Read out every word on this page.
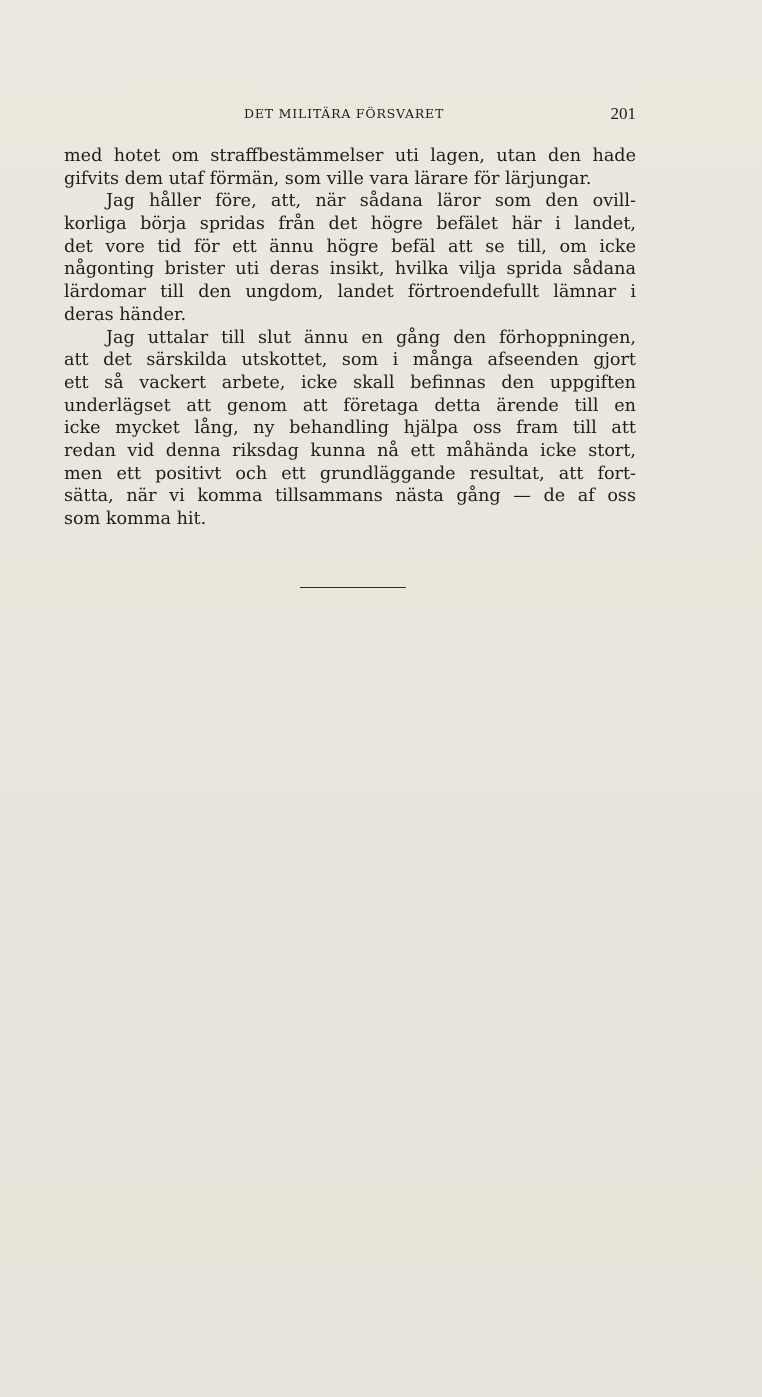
DET MILITÄRA FÖRSVARET	201
med hotet om straffbestämmelser uti lagen, utan den hade
gifvits dem utaf förmän, som ville vara lärare för lärjungar.
Jag håller före, att, när sådana läror som den ovill-
korliga börja spridas från det högre befälet här i landet,
det vore tid för ett ännu högre befäl att se till, om icke
någonting brister uti deras insikt, hvilka vilja sprida sådana
lärdomar till den ungdom, landet förtroendefullt lämnar i
deras händer.
Jag uttalar till slut ännu en gång den förhoppningen,
att det särskilda utskottet, som i många afseenden gjort
ett så vackert arbete, icke skall befinnas den uppgiften
underlägset att genom att företaga detta ärende till en
icke mycket lång, ny behandling hjälpa oss fram till att
redan vid denna riksdag kunna nå ett måhända icke stort,
men ett positivt och ett grundläggande resultat, att fort-
sätta, när vi komma tillsammans nästa gång — de af oss
som komma hit.
